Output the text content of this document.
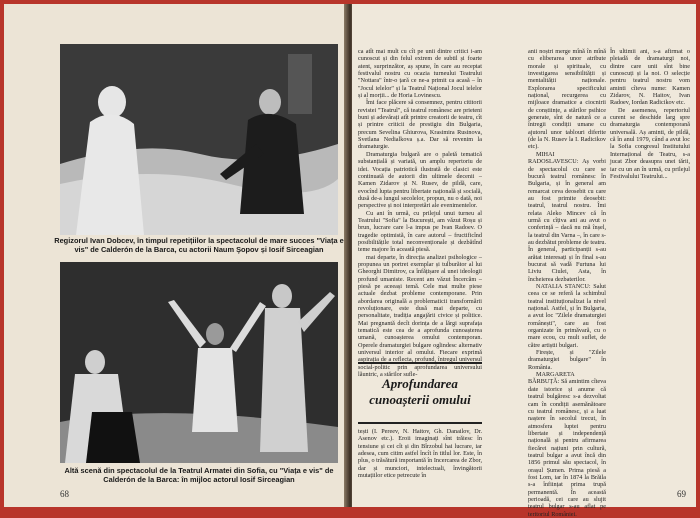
Regizorul Ivan Dobcev, în timpul repetițiilor la spectacolul de mare succes "Viața e vis" de Calderón de la Barca, cu actorii Naum Şopov și Iosif Sirceagian
Altă scenă din spectacolul de la Teatrul Armatei din Sofia, cu "Viața e vis" de Calderón de la Barca: în mijloc actorul Iosif Sirceagian
68

ca atît mai mult cu cît pe unii dintre critici i-am cunoscut și din felul extrem de subtil și foarte atent, surprinzător, aș spune, în care au receptat festivalul nostru cu ocazia turneului Teatrului "Nottara" într-o țară ce ne-a primit ca acasă – în "Jocul ielelor" și la Teatrul Național Jocul ielelor și al morții... de Horia Lovinescu.

Îmi face plăcere să consemnez, pentru cititorii revistei "Teatrul", că teatrul românesc are prieteni buni și adevărați atît printre creatorii de teatru, cît și printre criticii de prestigiu din Bulgaria, precum Sevelina Ghiurova, Krasimira Rusinova, Svetlana Nedialkova ș.a. Dar să revenim la dramaturgie.

Dramaturgia bulgară are o paletă tematică substanțială și variată, un amplu repertoriu de idei. Vocația patriotică ilustrată de clasici este continuată de autorii din ultimele decenii – Kamen Zidarov și N. Rusev, de pildă, care, evocînd lupta pentru libertate națională și socială, dusă de-a lungul secolelor, propun, nu o dată, noi perspective și noi interpretări ale evenimentelor.

Cu ani în urmă, cu prilejul unui turneu al Teatrului "Sofia" la București, am văzut Roșu și brun, lucrare care l-a impus pe Ivan Radoev. O tragedie optimistă, în care autorul – fructificînd posibilitățile total neconvenționale și dezbătînd teme majore în această piesă.

mai departe, în direcția analizei psihologice – propunea un portret exemplar și tulburător al lui Gheorghi Dimitrov, ca înfățișare al unei ideologii profund umaniste. Recent am văzut Încercăm – piesă pe aceeași temă. Cele mai multe piese actuale dezbat probleme contemporane. Prin abordarea originală a problematicii transformării revoluționare, este dusă mai departe, cu personalitate, tradiția angajării civice și politice. Mai pregnantă decît dorința de a lărgi suprafața tematică este cea de a aprofunda cunoașterea umană, cunoașterea omului contemporan. Operele dramaturgiei bulgare oglindesc alternativ universul interior al omului. Fiecare exprimă aspirația de a reflecta, profund, întregul universul social-politic prin aprofundarea universului lăuntric, a stărilor sufle-

Aprofundarea
cunoașterii omului

tești (I. Pereev, N. Haitov, Gh. Danailov, Dr. Asenov etc.). Eroii imaginați sînt trăiesc în tensiune și cei cît și din Bîrzobul hai lucrare, iar adesea, cum citim astfel încît în titlul lor. Este, în plus, o trăsătură importantă în Incercarea de Zbor, dar și munciori, intelectuali, învingătorii mutațiilor etice petrecute în

anii noștri merge mînă în mînă cu eliberarea unor atribute morale și spirituale, cu investigarea sensibilității și mentalității naționale. Explorarea specificului național, recurgerea cu mijloace dramatice a ciocnirii de conștiințe, a stărilor psihice generate, sînt de natură ce a întregii condiții umane cu ajutorul unor tablouri diferite (de la N. Rusev la I. Radicikov etc).

MIHAI RADOSLAVESCU: Aș vorbi de spectacolul cu care se bucură teatrul românesc în Bulgaria, și în general am remarcat ceva deosebit cu care au fost primite deosebit: teatrul, teatrul nostru. Îmi relata Aleko Mincev că în urmă cu cîțiva ani au avut o conferință – dacă nu mă înșel, la teatrul din Varna –, în care s-au dezbătut probleme de teatru. În general, participanții s-au arătat interesați și în final s-au bucurat să vadă Furtuna lui Liviu Ciulei, Asta, în încheierea dezbaterilor.

NATALIA STANCU: Salut ceea ce se referă la schimbul teatral instituționalizat la nivel național. Astfel, și în Bulgaria, a avut loc "Zilele dramaturgiei românești", care au fost organizate în primăvară, cu o mare ecou, cu mult suflet, de către artiștii bulgari.

Firește, și "Zilele dramaturgiei bulgare" în România.

MARGARETA BĂRBUȚĂ: Să amintim cîteva date istorice și anume că teatrul bulgăresc s-a dezvoltat cam în condiții asemănătoare cu teatrul românesc, și a luat naștere în secolul trecut, în atmosfera luptei pentru libertate și independență națională și pentru afirmarea fiecărei națiuni prin cultură, teatrul bulgar a avut încă din 1856 primul său spectacol, în orașul Șumen. Prima piesă a fost Lom, iar în 1874 la Brăila s-a înființat prima trupă permanentă. În această perioadă, cei care au slujit teatrul bulgar s-au aflat pe teritoriul României.

În ultimii ani, s-a afirmat o pleiadă de dramaturgi noi, dintre care unii sînt bine cunoscuți și la noi. O selecție pentru teatrul nostru vom aminti cîteva nume: Kamen Zidarov, N. Haitov, Ivan Radoev, Iordan Radicikov etc.

De asemenea, repertoriul curent se deschide larg spre dramaturgia contemporană universală. Aș aminti, de pildă, că în anul 1979, când a avut loc la Sofia congresul Institutului Internațional de Teatru, s-a jucat Zbor deasupra unei tării, iar cu un an în urmă, cu prilejul Festivalului Teatrului...

69
